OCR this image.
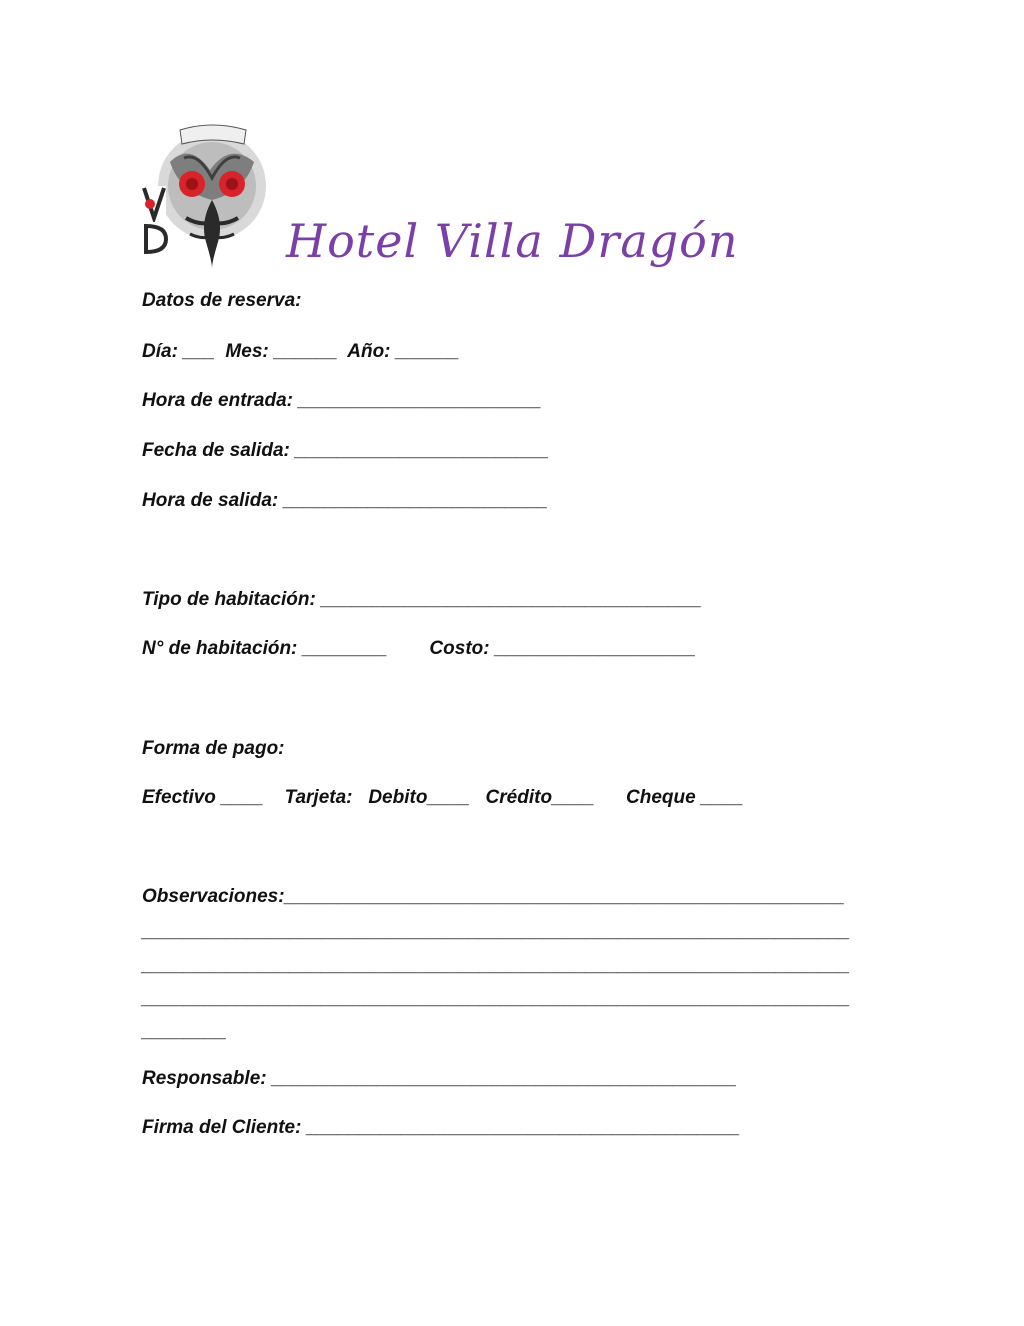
Hotel Villa Dragón
Datos de reserva:
Día: ___  Mes: ______  Año: ______
Hora de entrada: _______________________
Fecha de salida: ________________________
Hora de salida: _________________________
Tipo de habitación: ____________________________________
N° de habitación: ________        Costo: ___________________
Forma de pago:
Efectivo ____    Tarjeta:   Debito____   Crédito____      Cheque ____
Observaciones:_____________________________________________________
___________________________________________________________________
___________________________________________________________________
___________________________________________________________________
________
Responsable: ____________________________________________
Firma del Cliente: _________________________________________
